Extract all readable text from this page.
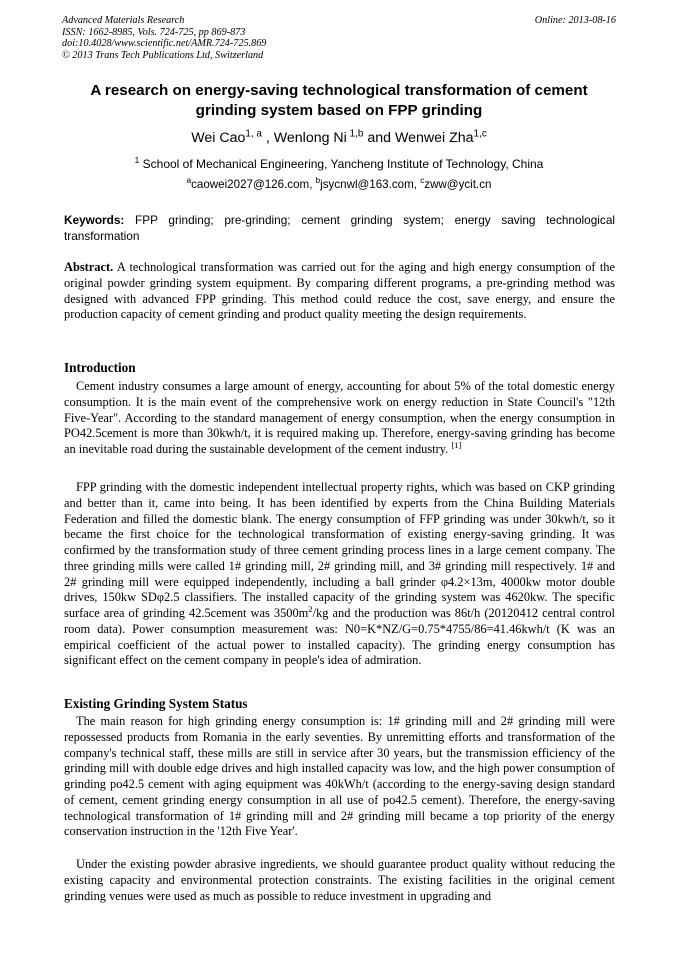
Advanced Materials Research
ISSN: 1662-8985, Vols. 724-725, pp 869-873
doi:10.4028/www.scientific.net/AMR.724-725.869
© 2013 Trans Tech Publications Ltd, Switzerland
Online: 2013-08-16
A research on energy-saving technological transformation of cement grinding system based on FPP grinding
Wei Cao$^{1, a}$ , Wenlong Ni $^{1,b}$ and Wenwei Zha$^{1,c}$
$^1$ School of Mechanical Engineering, Yancheng Institute of Technology, China
$^a$caowei2027@126.com, $^b$jsycnwl@163.com, $^c$zww@ycit.cn
Keywords: FPP grinding; pre-grinding; cement grinding system; energy saving technological transformation
Abstract. A technological transformation was carried out for the aging and high energy consumption of the original powder grinding system equipment. By comparing different programs, a pre-grinding method was designed with advanced FPP grinding. This method could reduce the cost, save energy, and ensure the production capacity of cement grinding and product quality meeting the design requirements.
Introduction

Cement industry consumes a large amount of energy, accounting for about 5% of the total domestic energy consumption. It is the main event of the comprehensive work on energy reduction in State Council's "12th Five-Year". According to the standard management of energy consumption, when the energy consumption in PO42.5cement is more than 30kwh/t, it is required making up. Therefore, energy-saving grinding has become an inevitable road during the sustainable development of the cement industry. [1]

FPP grinding with the domestic independent intellectual property rights, which was based on CKP grinding and better than it, came into being. It has been identified by experts from the China Building Materials Federation and filled the domestic blank. The energy consumption of FFP grinding was under 30kwh/t, so it became the first choice for the technological transformation of existing energy-saving grinding. It was confirmed by the transformation study of three cement grinding process lines in a large cement company. The three grinding mills were called 1# grinding mill, 2# grinding mill, and 3# grinding mill respectively. 1# and 2# grinding mill were equipped independently, including a ball grinder φ4.2×13m, 4000kw motor double drives, 150kw SDφ2.5 classifiers. The installed capacity of the grinding system was 4620kw. The specific surface area of grinding 42.5cement was $3500m^2/kg$ and the production was 86t/h (20120412 central control room data). Power consumption measurement was: N0=K*NZ/G=0.75*4755/86=41.46kwh/t (K was an empirical coefficient of the actual power to installed capacity). The grinding energy consumption has significant effect on the cement company in people's idea of admiration.

Existing Grinding System Status

The main reason for high grinding energy consumption is: 1# grinding mill and 2# grinding mill were repossessed products from Romania in the early seventies. By unremitting efforts and transformation of the company's technical staff, these mills are still in service after 30 years, but the transmission efficiency of the grinding mill with double edge drives and high installed capacity was low, and the high power consumption of grinding po42.5 cement with aging equipment was 40kWh/t (according to the energy-saving design standard of cement, cement grinding energy consumption in all use of po42.5 cement). Therefore, the energy-saving technological transformation of 1# grinding mill and 2# grinding mill became a top priority of the energy conservation instruction in the '12th Five Year'.

Under the existing powder abrasive ingredients, we should guarantee product quality without reducing the existing capacity and environmental protection constraints. The existing facilities in the original cement grinding venues were used as much as possible to reduce investment in upgrading and
